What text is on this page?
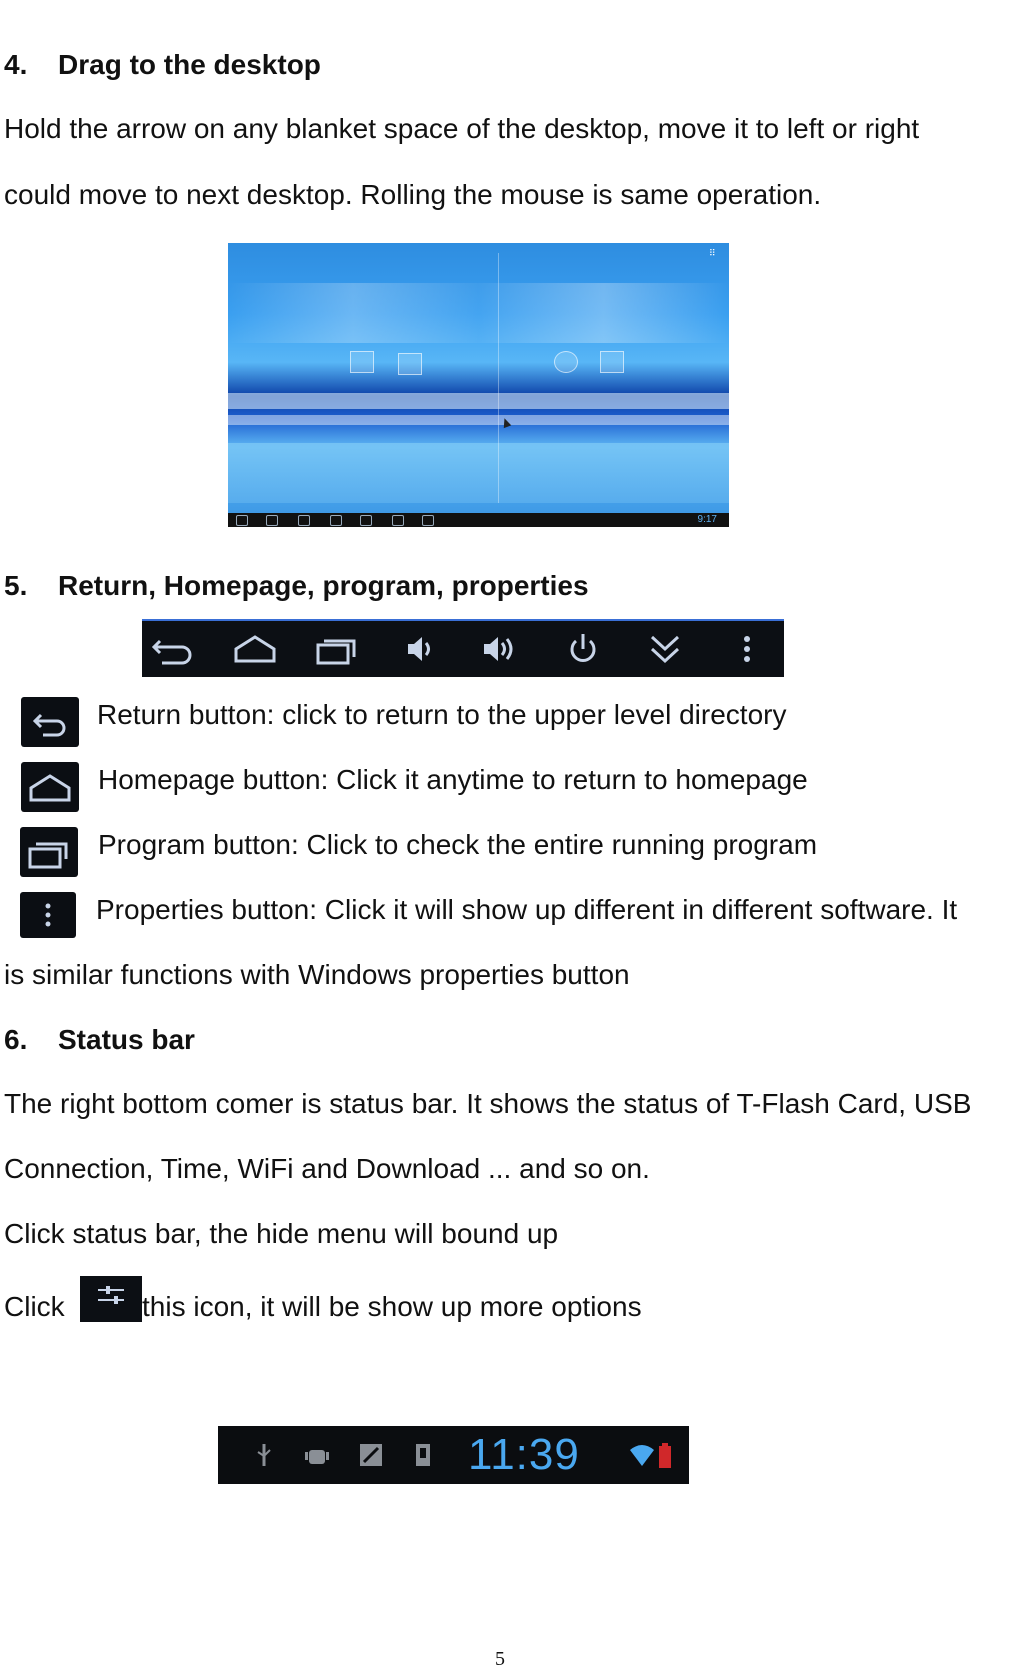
4. Drag to the desktop
Hold the arrow on any blanket space of the desktop, move it to left or right
could move to next desktop. Rolling the mouse is same operation.
⠿
9:17
5. Return, Homepage, program, properties
Return button: click to return to the upper level directory
Homepage button: Click it anytime to return to homepage
Program button: Click to check the entire running program
Properties button: Click it will show up different in different software. It
is similar functions with Windows properties button
6. Status bar
The right bottom comer is status bar. It shows the status of T-Flash Card, USB
Connection, Time, WiFi and Download ... and so on.
Click status bar, the hide menu will bound up
Click	this icon, it will be show up more options
11:39
5
